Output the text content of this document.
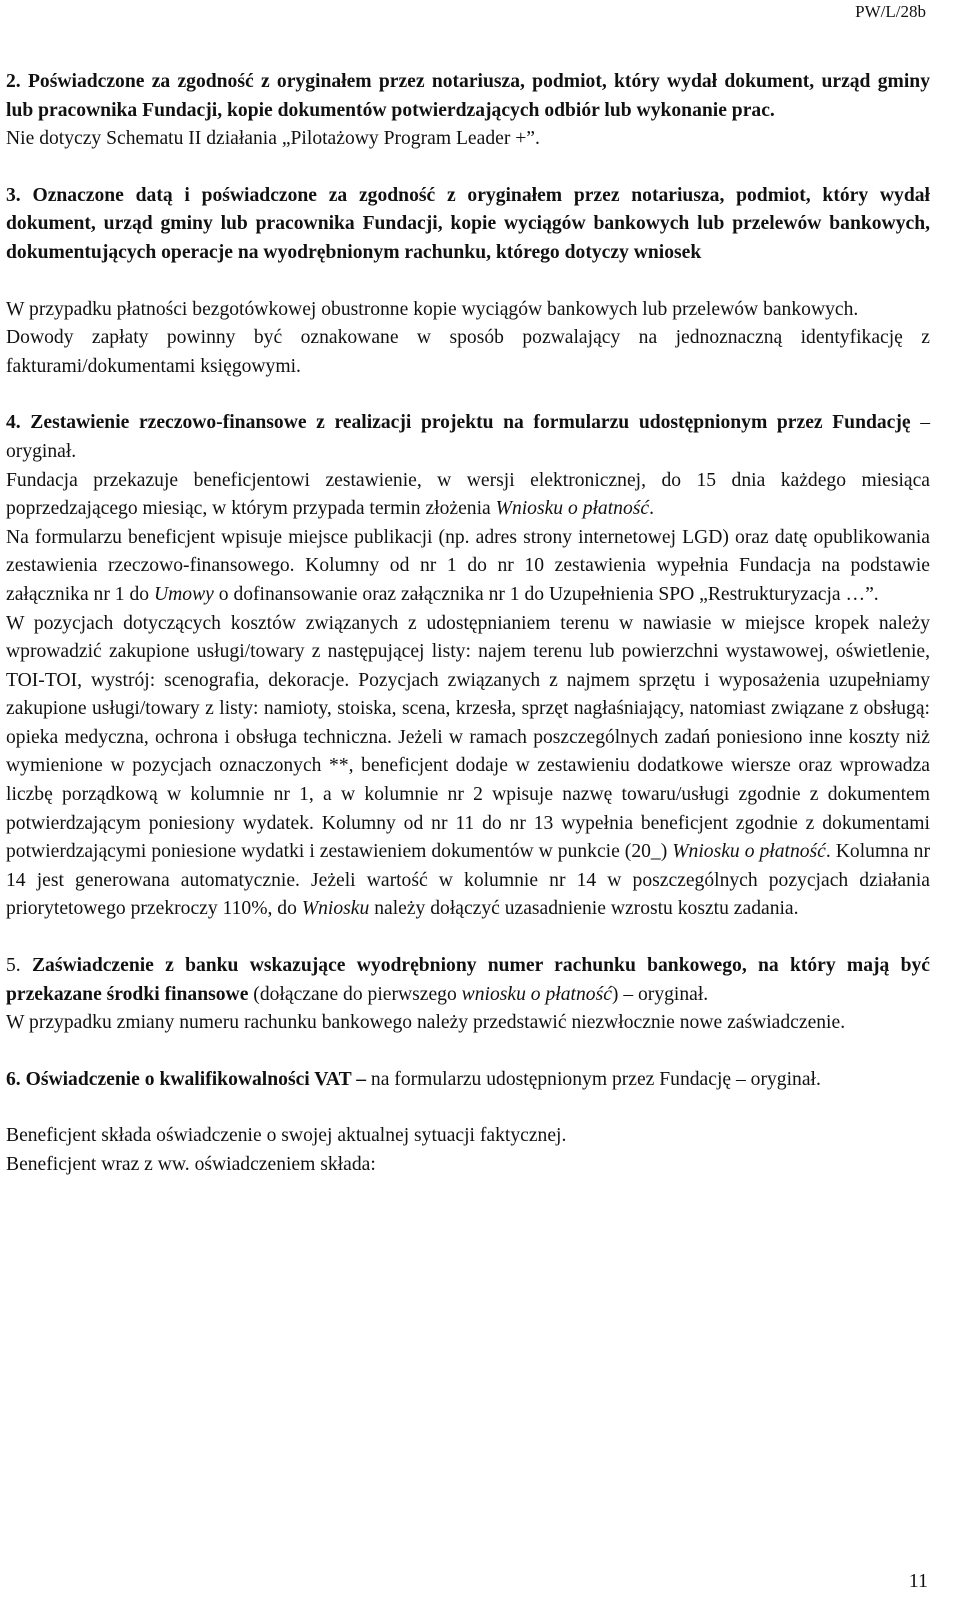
PW/L/28b

2. Poświadczone za zgodność z oryginałem przez notariusza, podmiot, który wydał dokument, urząd gminy lub pracownika Fundacji, kopie dokumentów potwierdzających odbiór lub wykonanie prac.

Nie dotyczy Schematu II działania „Pilotażowy Program Leader +”.

3. Oznaczone datą i poświadczone za zgodność z oryginałem przez notariusza, podmiot, który wydał dokument, urząd gminy lub pracownika Fundacji, kopie wyciągów bankowych lub przelewów bankowych, dokumentujących operacje na wyodrębnionym rachunku, którego dotyczy wniosek

W przypadku płatności bezgotówkowej obustronne kopie wyciągów bankowych lub przelewów bankowych.

Dowody zapłaty powinny być oznakowane w sposób pozwalający na jednoznaczną identyfikację z fakturami/dokumentami księgowymi.

4. Zestawienie rzeczowo-finansowe z realizacji projektu na formularzu udostępnionym przez Fundację – oryginał.

Fundacja przekazuje beneficjentowi zestawienie, w wersji elektronicznej, do 15 dnia każdego miesiąca poprzedzającego miesiąc, w którym przypada termin złożenia Wniosku o płatność.

Na formularzu beneficjent wpisuje miejsce publikacji (np. adres strony internetowej LGD) oraz datę opublikowania zestawienia rzeczowo-finansowego. Kolumny od nr 1 do nr 10 zestawienia wypełnia Fundacja na podstawie załącznika nr 1 do Umowy o dofinansowanie oraz załącznika nr 1 do Uzupełnienia SPO „Restrukturyzacja …”.

W pozycjach dotyczących kosztów związanych z udostępnianiem terenu w nawiasie w miejsce kropek należy wprowadzić zakupione usługi/towary z następującej listy: najem terenu lub powierzchni wystawowej, oświetlenie, TOI-TOI, wystrój: scenografia, dekoracje. Pozycjach związanych z najmem sprzętu i wyposażenia uzupełniamy zakupione usługi/towary z listy: namioty, stoiska, scena, krzesła, sprzęt nagłaśniający, natomiast związane z obsługą: opieka medyczna, ochrona i obsługa techniczna. Jeżeli w ramach poszczególnych zadań poniesiono inne koszty niż wymienione w pozycjach oznaczonych **, beneficjent dodaje w zestawieniu dodatkowe wiersze oraz wprowadza liczbę porządkową w kolumnie nr 1, a w kolumnie nr 2 wpisuje nazwę towaru/usługi zgodnie z dokumentem potwierdzającym poniesiony wydatek. Kolumny od nr 11 do nr 13 wypełnia beneficjent zgodnie z dokumentami potwierdzającymi poniesione wydatki i zestawieniem dokumentów w punkcie (20_) Wniosku o płatność. Kolumna nr 14 jest generowana automatycznie. Jeżeli wartość w kolumnie nr 14 w poszczególnych pozycjach działania priorytetowego przekroczy 110%, do Wniosku należy dołączyć uzasadnienie wzrostu kosztu zadania.

5. Zaświadczenie z banku wskazujące wyodrębniony numer rachunku bankowego, na który mają być przekazane środki finansowe (dołączane do pierwszego wniosku o płatność) – oryginał.

W przypadku zmiany numeru rachunku bankowego należy przedstawić niezwłocznie nowe zaświadczenie.

6. Oświadczenie o kwalifikowalności VAT – na formularzu udostępnionym przez Fundację – oryginał.

Beneficjent składa oświadczenie o swojej aktualnej sytuacji faktycznej.

Beneficjent wraz z ww. oświadczeniem składa:

11
